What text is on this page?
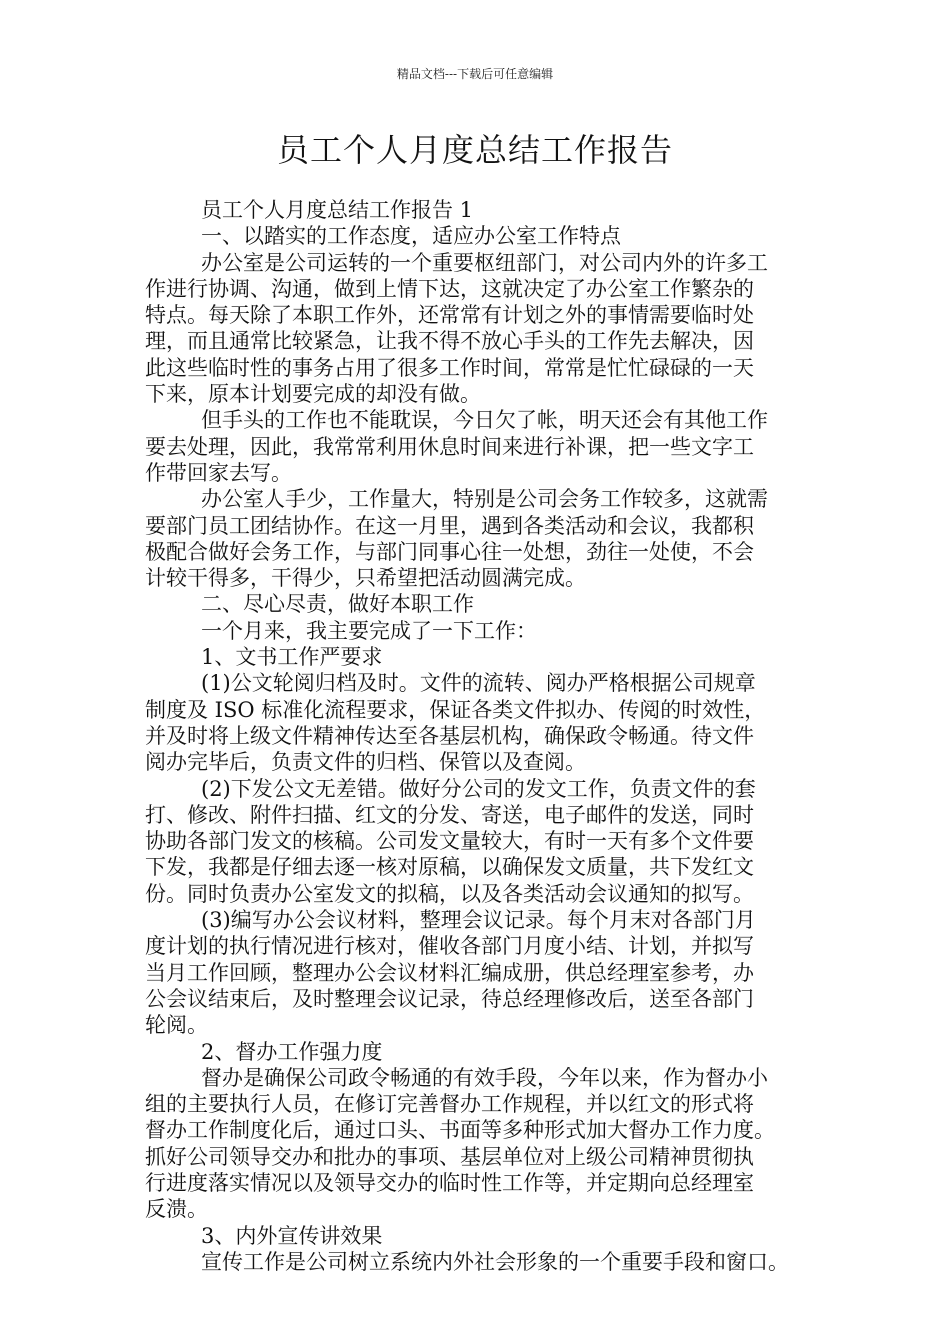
精品文档---下载后可任意编辑
员工个人月度总结工作报告
员工个人月度总结工作报告 1
一、以踏实的工作态度，适应办公室工作特点
办公室是公司运转的一个重要枢纽部门，对公司内外的许多工
作进行协调、沟通，做到上情下达，这就决定了办公室工作繁杂的
特点。每天除了本职工作外，还常常有计划之外的事情需要临时处
理，而且通常比较紧急，让我不得不放心手头的工作先去解决，因
此这些临时性的事务占用了很多工作时间，常常是忙忙碌碌的一天
下来，原本计划要完成的却没有做。
但手头的工作也不能耽误，今日欠了帐，明天还会有其他工作
要去处理，因此，我常常利用休息时间来进行补课，把一些文字工
作带回家去写。
办公室人手少，工作量大，特别是公司会务工作较多，这就需
要部门员工团结协作。在这一月里，遇到各类活动和会议，我都积
极配合做好会务工作，与部门同事心往一处想，劲往一处使，不会
计较干得多，干得少，只希望把活动圆满完成。
二、尽心尽责，做好本职工作
一个月来，我主要完成了一下工作：
1、文书工作严要求
(1)公文轮阅归档及时。文件的流转、阅办严格根据公司规章
制度及 ISO 标准化流程要求，保证各类文件拟办、传阅的时效性，
并及时将上级文件精神传达至各基层机构，确保政令畅通。待文件
阅办完毕后，负责文件的归档、保管以及查阅。
(2)下发公文无差错。做好分公司的发文工作，负责文件的套
打、修改、附件扫描、红文的分发、寄送，电子邮件的发送，同时
协助各部门发文的核稿。公司发文量较大，有时一天有多个文件要
下发，我都是仔细去逐一核对原稿，以确保发文质量，共下发红文
份。同时负责办公室发文的拟稿，以及各类活动会议通知的拟写。
(3)编写办公会议材料，整理会议记录。每个月末对各部门月
度计划的执行情况进行核对，催收各部门月度小结、计划，并拟写
当月工作回顾，整理办公会议材料汇编成册，供总经理室参考，办
公会议结束后，及时整理会议记录，待总经理修改后，送至各部门
轮阅。
2、督办工作强力度
督办是确保公司政令畅通的有效手段，今年以来，作为督办小
组的主要执行人员，在修订完善督办工作规程，并以红文的形式将
督办工作制度化后，通过口头、书面等多种形式加大督办工作力度。
抓好公司领导交办和批办的事项、基层单位对上级公司精神贯彻执
行进度落实情况以及领导交办的临时性工作等，并定期向总经理室
反溃。
3、内外宣传讲效果
宣传工作是公司树立系统内外社会形象的一个重要手段和窗口。
